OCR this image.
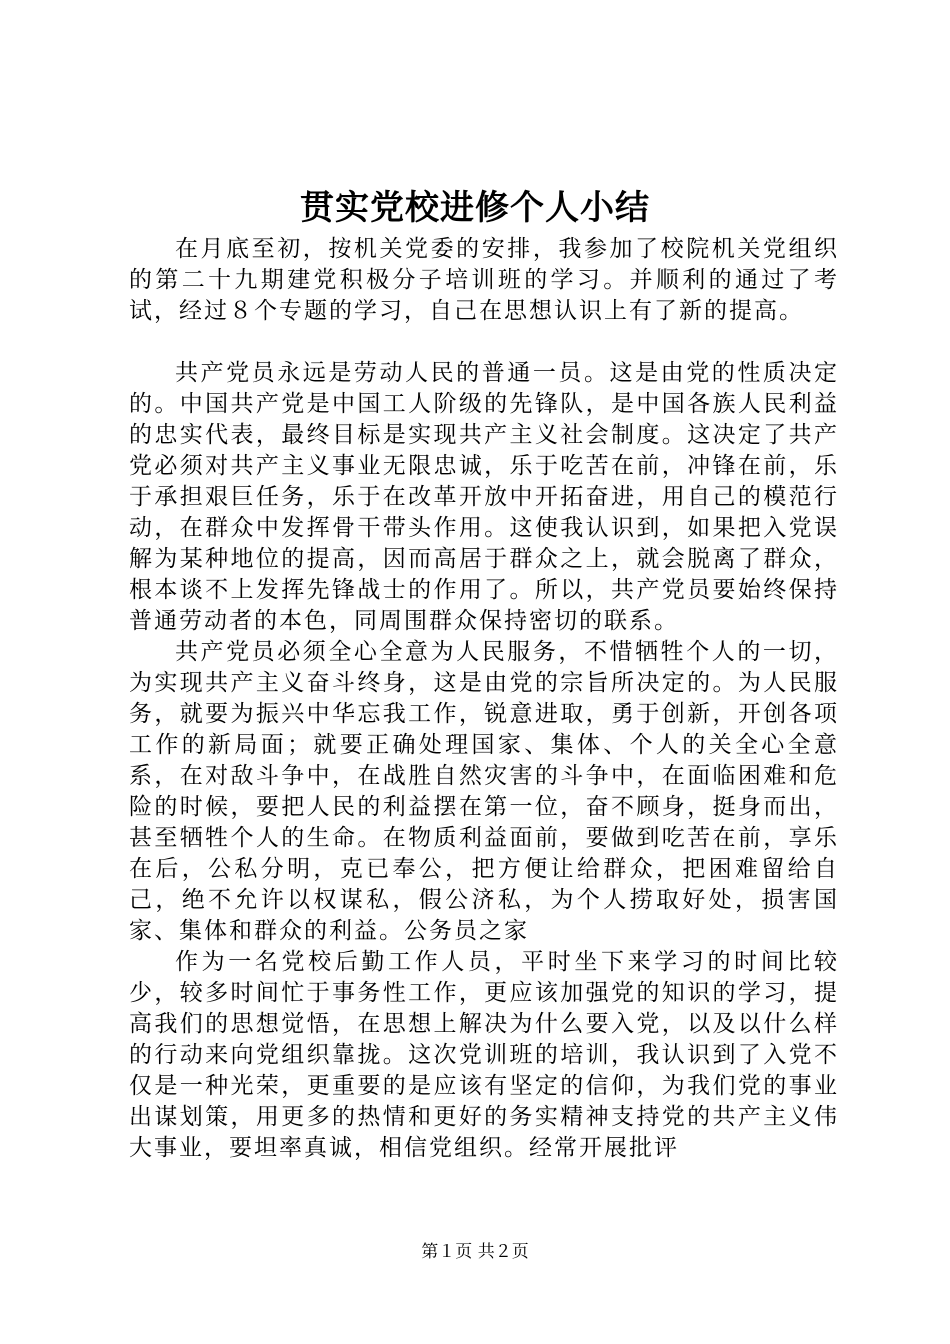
贯实党校进修个人小结

在月底至初，按机关党委的安排，我参加了校院机关党组织的第二十九期建党积极分子培训班的学习。并顺利的通过了考试，经过８个专题的学习，自己在思想认识上有了新的提高。

共产党员永远是劳动人民的普通一员。这是由党的性质决定的。中国共产党是中国工人阶级的先锋队，是中国各族人民利益的忠实代表，最终目标是实现共产主义社会制度。这决定了共产党必须对共产主义事业无限忠诚，乐于吃苦在前，冲锋在前，乐于承担艰巨任务，乐于在改革开放中开拓奋进，用自己的模范行动，在群众中发挥骨干带头作用。这使我认识到，如果把入党误解为某种地位的提高，因而高居于群众之上，就会脱离了群众，根本谈不上发挥先锋战士的作用了。所以，共产党员要始终保持普通劳动者的本色，同周围群众保持密切的联系。

共产党员必须全心全意为人民服务，不惜牺牲个人的一切，为实现共产主义奋斗终身，这是由党的宗旨所决定的。为人民服务，就要为振兴中华忘我工作，锐意进取，勇于创新，开创各项工作的新局面；就要正确处理国家、集体、个人的关全心全意系，在对敌斗争中，在战胜自然灾害的斗争中，在面临困难和危险的时候，要把人民的利益摆在第一位，奋不顾身，挺身而出，甚至牺牲个人的生命。在物质利益面前，要做到吃苦在前，享乐在后，公私分明，克已奉公，把方便让给群众，把困难留给自己，绝不允许以权谋私，假公济私，为个人捞取好处，损害国家、集体和群众的利益。公务员之家

作为一名党校后勤工作人员，平时坐下来学习的时间比较少，较多时间忙于事务性工作，更应该加强党的知识的学习，提高我们的思想觉悟，在思想上解决为什么要入党，以及以什么样的行动来向党组织靠拢。这次党训班的培训，我认识到了入党不仅是一种光荣，更重要的是应该有坚定的信仰，为我们党的事业出谋划策，用更多的热情和更好的务实精神支持党的共产主义伟大事业，要坦率真诚，相信党组织。经常开展批评

第１页 共２页
